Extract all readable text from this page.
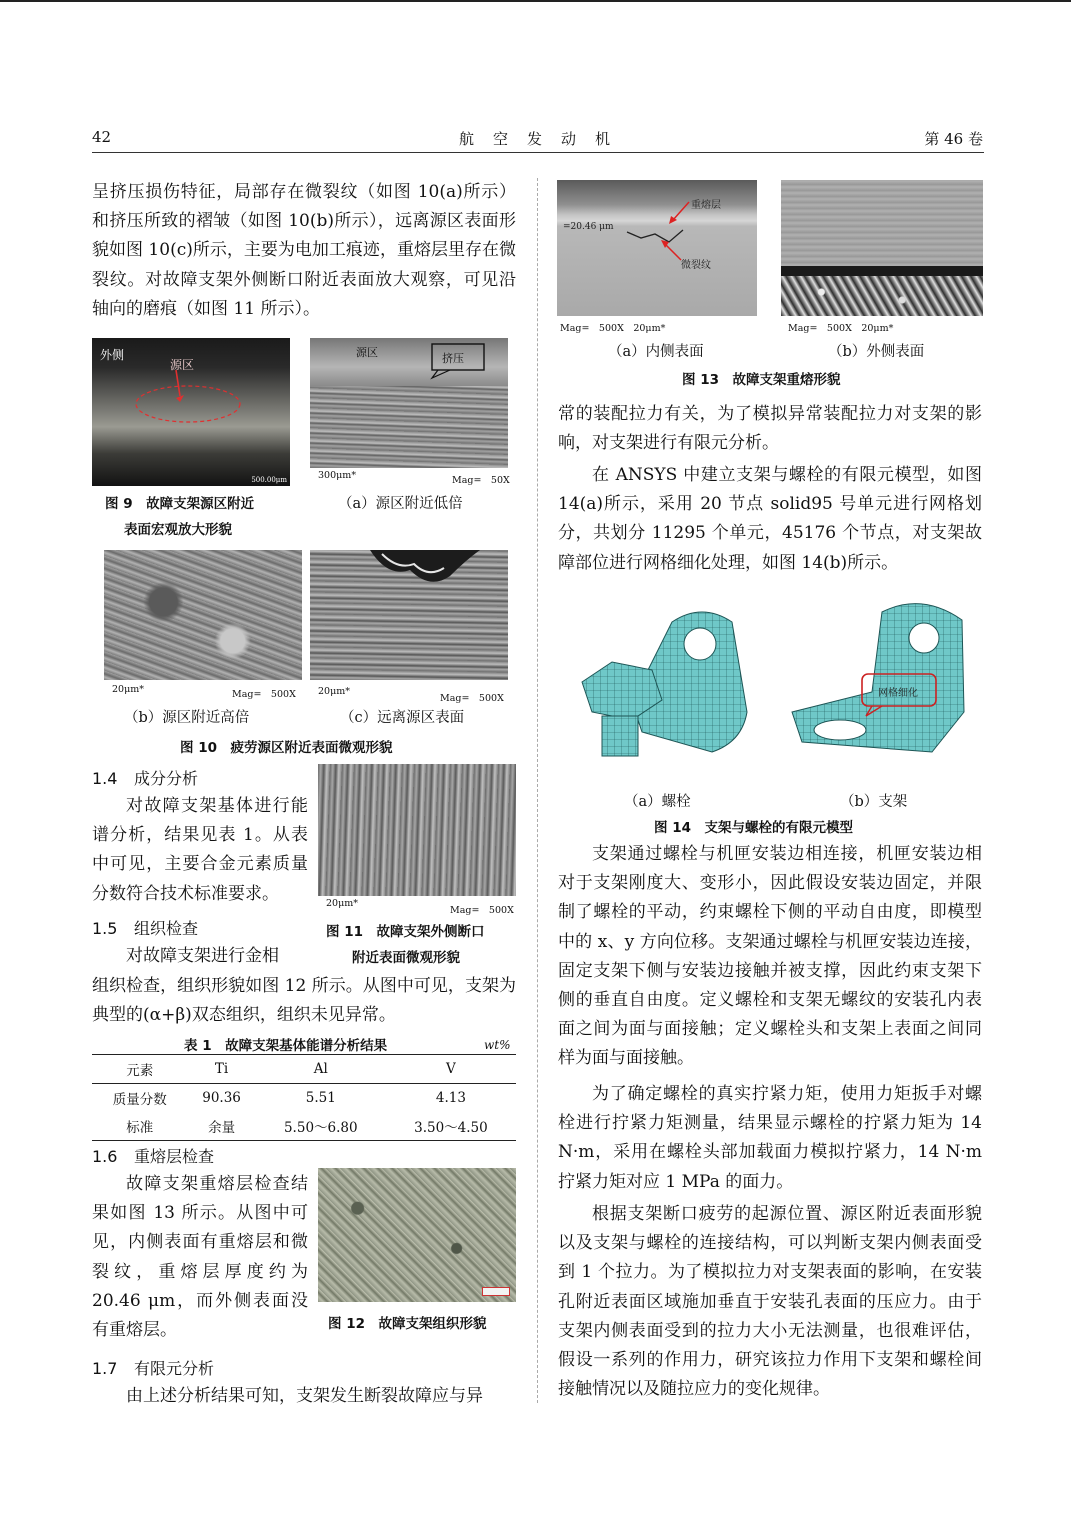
42	航　空　发　动　机	第 46 卷

呈挤压损伤特征，局部存在微裂纹（如图 10(a)所示）和挤压所致的褶皱（如图 10(b)所示），远离源区表面形貌如图 10(c)所示，主要为电加工痕迹，重熔层里存在微裂纹。对故障支架外侧断口附近表面放大观察，可见沿轴向的磨痕（如图 11 所示）。

外侧
源区
500.00μm
图 9　故障支架源区附近
表面宏观放大形貌
源区	挤压
300μm*	Mag=　50X
（a）源区附近低倍
20μm*	Mag=　500X
（b）源区附近高倍
20μm*
Mag=　500X
（c）远离源区表面
图 10　疲劳源区附近表面微观形貌
1.4 成分分析

对故障支架基体进行能谱分析，结果见表 1。从表中可见，主要合金元素质量分数符合技术标准要求。	20μm*
Mag=　500X
图 11　故障支架外侧断口
附近表面微观形貌
1.5 组织检查

对故障支架进行金相

组织检查，组织形貌如图 12 所示。从图中可见，支架为典型的(α+β)双态组织，组织未见异常。

表 1　故障支架基体能谱分析结果	wt%
元素	Ti	Al	V
质量分数	90.36	5.51	4.13
标准	余量	5.50～6.80	3.50～4.50
1.6 重熔层检查

故障支架重熔层检查结果如图 13 所示。从图中可见，内侧表面有重熔层和微裂纹，重熔层厚度约为 20.46 μm，而外侧表面没有重熔层。	图 12　故障支架组织形貌
1.7 有限元分析

由上述分析结果可知，支架发生断裂故障应与异

重熔层
=20.46 μm
微裂纹
Mag=　500X　20μm*
（a）内侧表面
Mag=　500X　20μm*
（b）外侧表面
图 13　故障支架重熔形貌

常的装配拉力有关，为了模拟异常装配拉力对支架的影响，对支架进行有限元分析。

在 ANSYS 中建立支架与螺栓的有限元模型，如图 14(a)所示，采用 20 节点 solid95 号单元进行网格划分，共划分 11295 个单元，45176 个节点，对支架故障部位进行网格细化处理，如图 14(b)所示。

网格细化
（a）螺栓	（b）支架
图 14　支架与螺栓的有限元模型

支架通过螺栓与机匣安装边相连接，机匣安装边相对于支架刚度大、变形小，因此假设安装边固定，并限制了螺栓的平动，约束螺栓下侧的平动自由度，即模型中的 x、y 方向位移。支架通过螺栓与机匣安装边连接，固定支架下侧与安装边接触并被支撑，因此约束支架下侧的垂直自由度。定义螺栓和支架无螺纹的安装孔内表面之间为面与面接触；定义螺栓头和支架上表面之间同样为面与面接触。

为了确定螺栓的真实拧紧力矩，使用力矩扳手对螺栓进行拧紧力矩测量，结果显示螺栓的拧紧力矩为 14 N·m，采用在螺栓头部加载面力模拟拧紧力，14 N·m 拧紧力矩对应 1 MPa 的面力。

根据支架断口疲劳的起源位置、源区附近表面形貌以及支架与螺栓的连接结构，可以判断支架内侧表面受到 1 个拉力。为了模拟拉力对支架表面的影响，在安装孔附近表面区域施加垂直于安装孔表面的压应力。由于支架内侧表面受到的拉力大小无法测量，也很难评估，假设一系列的作用力，研究该拉力作用下支架和螺栓间接触情况以及随拉应力的变化规律。
